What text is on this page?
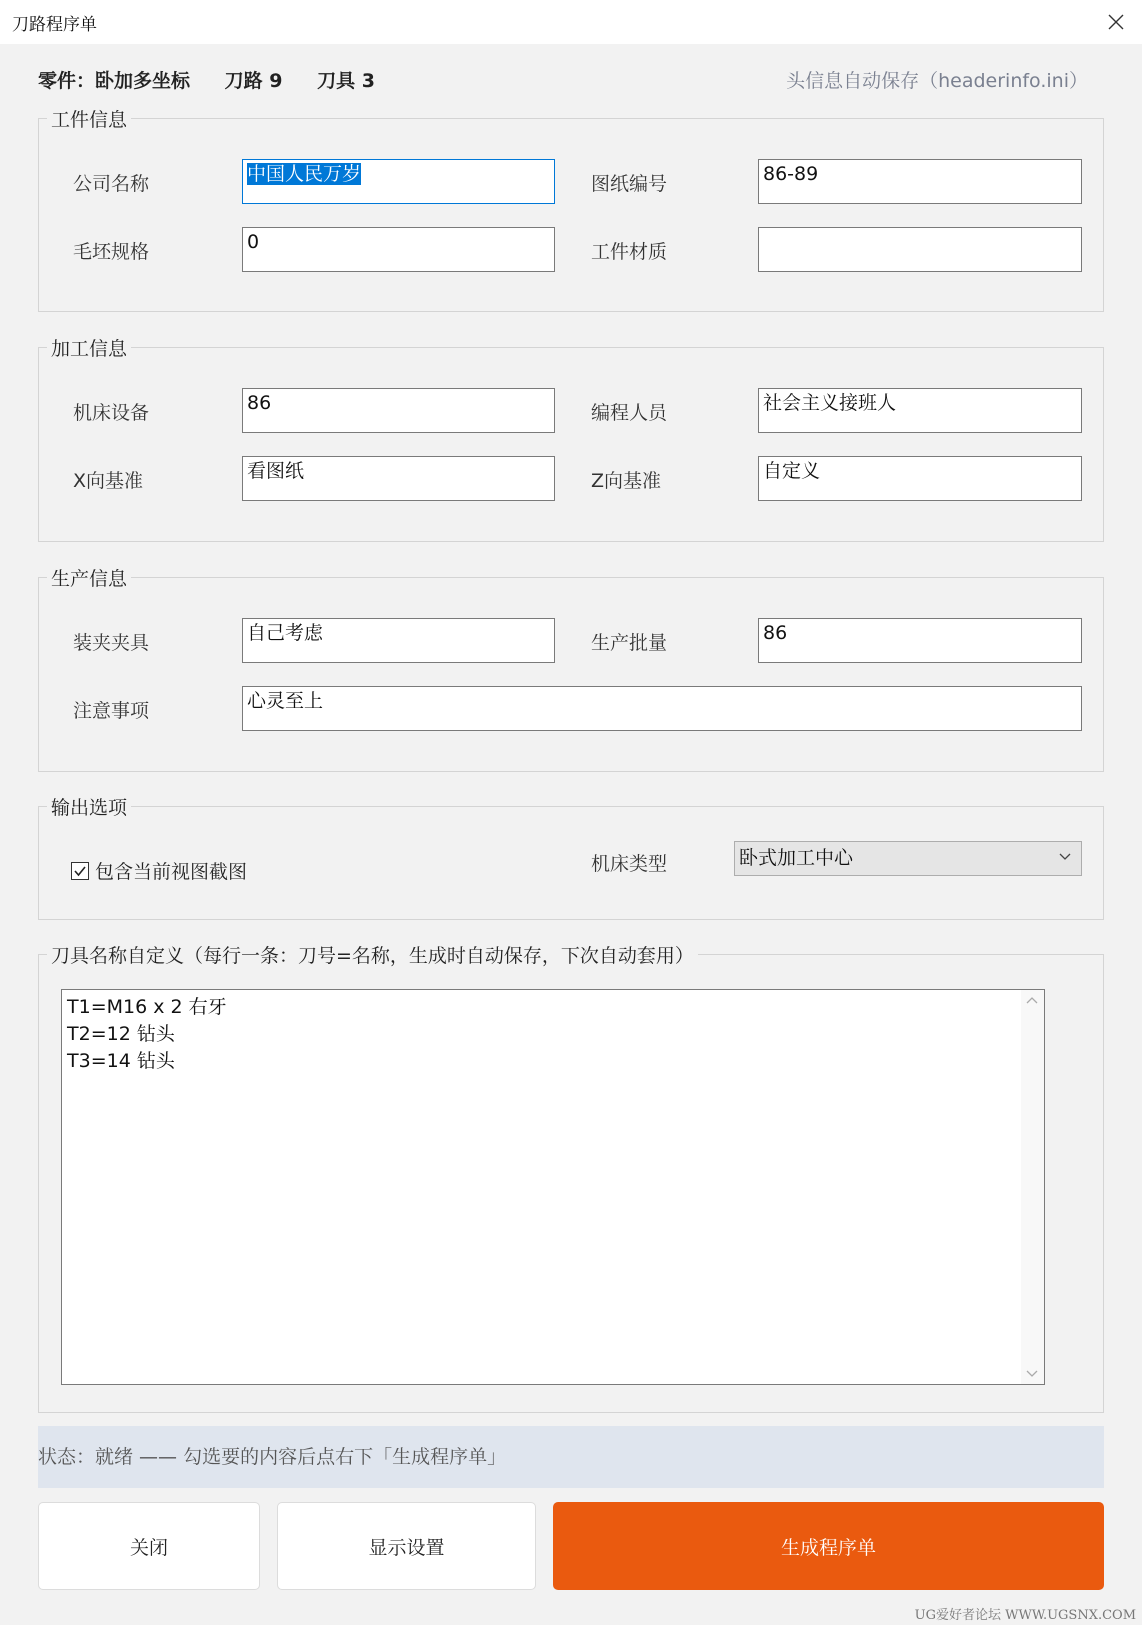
刀路程序单
零件：卧加多坐标 刀路 9 刀具 3	头信息自动保存（headerinfo.ini）
工件信息
公司名称	中国人民万岁	图纸编号	86-89
毛坯规格	0	工件材质
加工信息
机床设备	86	编程人员	社会主义接班人
X向基准	看图纸	Z向基准	自定义
生产信息
装夹夹具	自己考虑	生产批量	86
注意事项	心灵至上
输出选项
包含当前视图截图	机床类型	卧式加工中心
刀具名称自定义（每行一条：刀号=名称，生成时自动保存，下次自动套用）
T1=M16 x 2 右牙
T2=12 钻头
T3=14 钻头
状态：就绪 —— 勾选要的内容后点右下「生成程序单」
关闭	显示设置	生成程序单
UG爱好者论坛 WWW.UGSNX.COM
